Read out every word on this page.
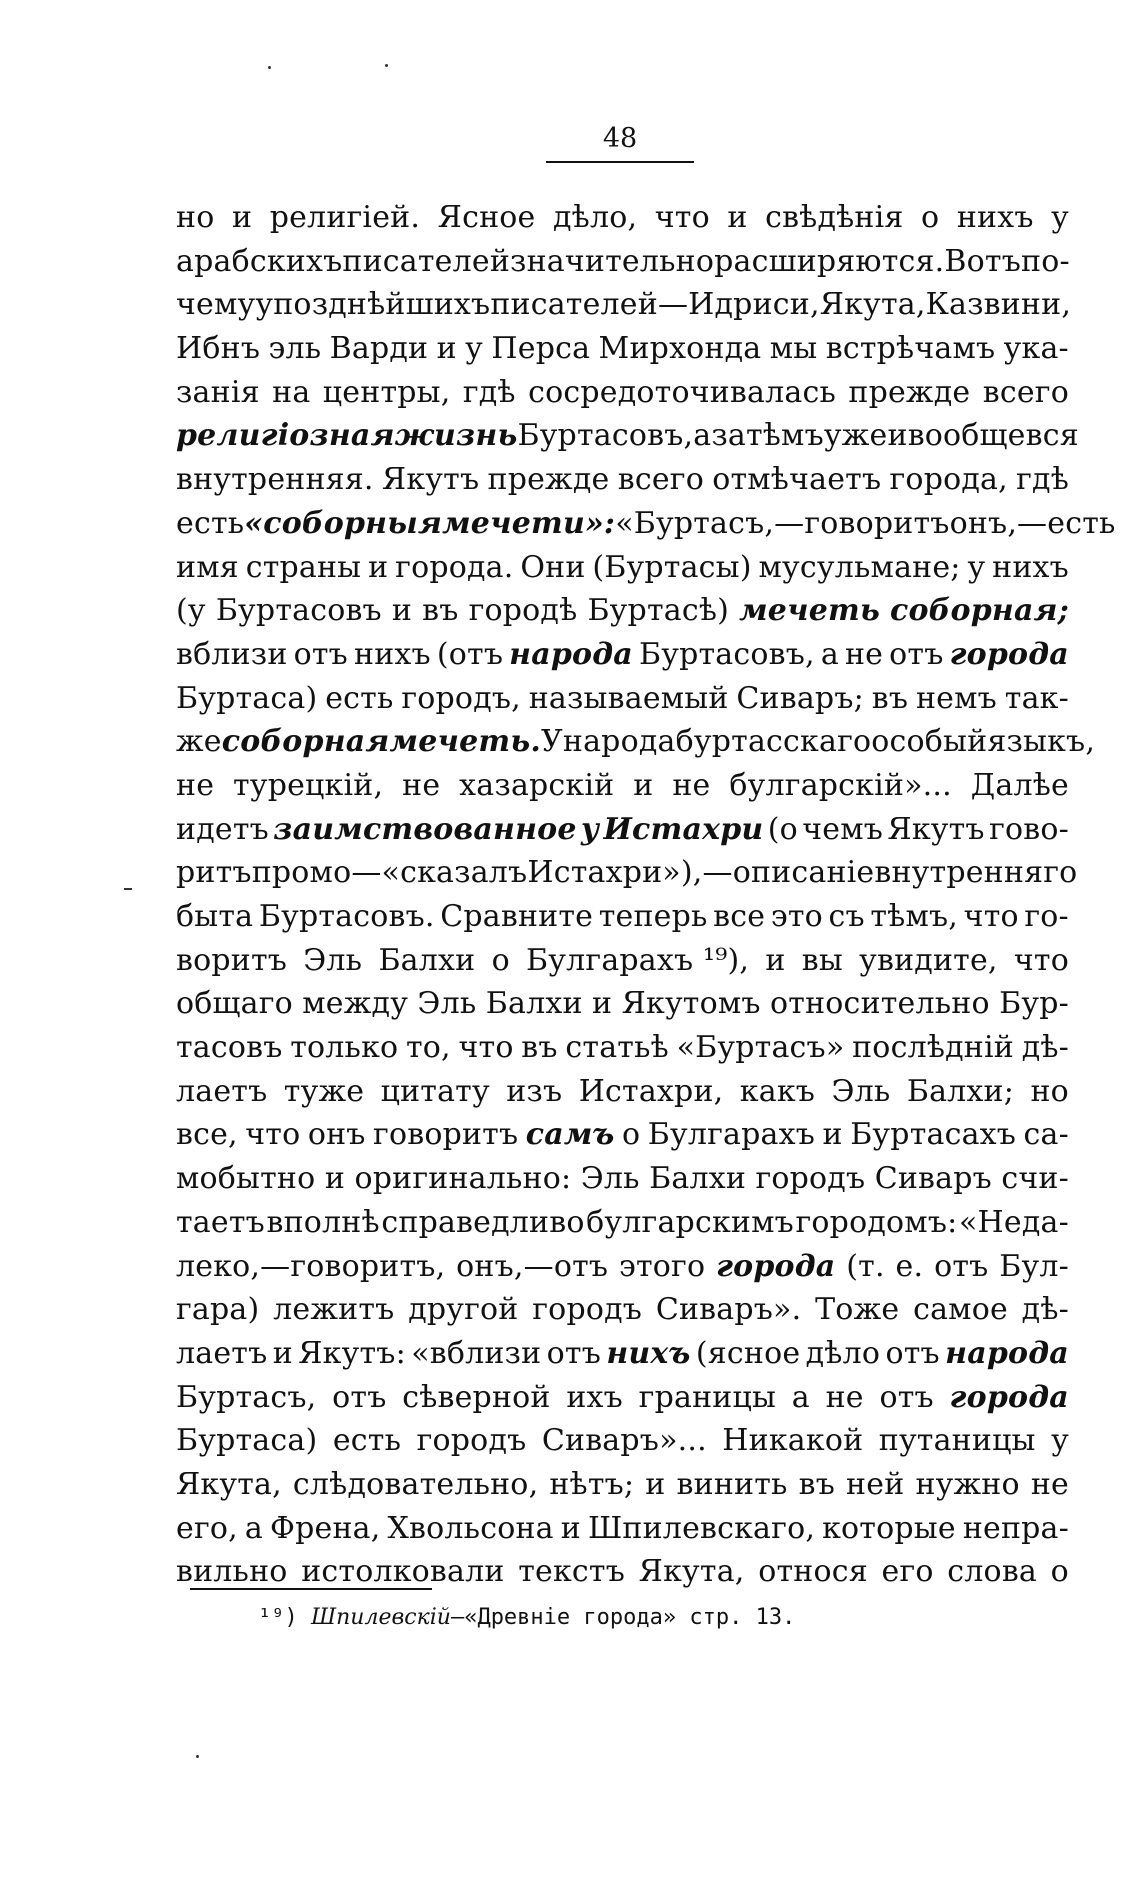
48
но и религiей. Ясное дѣло, что и свѣдѣнiя о нихъ у
арабскихъ писателей значительно расширяются. Вотъ по-
чему у позднѣйшихъ писателей—Идриси, Якута, Казвини,
Ибнъ эль Варди и у Перса Мирхонда мы встрѣчамъ ука-
занiя на центры, гдѣ сосредоточивалась прежде всего
религiозная жизнь Буртасовъ, а затѣмъ уже и вообще вся
внутренняя. Якутъ прежде всего отмѣчаетъ города, гдѣ
есть «соборныя мечети»: «Буртасъ,—говоритъ онъ,—есть
имя страны и города. Они (Буртасы) мусульмане; у нихъ
(у Буртасовъ и въ городѣ Буртасѣ) мечеть соборная;
вблизи отъ нихъ (отъ народа Буртасовъ, а не отъ города
Буртаса) есть городъ, называемый Сиваръ; въ немъ так-
же соборная мечеть. У народа буртасскаго особый языкъ,
не турецкiй, не хазарскiй и не булгарскiй»... Далѣе
идетъ заимствованное у Истахри (о чемъ Якутъ гово-
ритъ промо—«сказалъ Истахри»),—описанiе внутренняго
быта Буртасовъ. Сравните теперь все это съ тѣмъ, что го-
воритъ Эль Балхи о Булгарахъ ¹⁹), и вы увидите, что
общаго между Эль Балхи и Якутомъ относительно Бур-
тасовъ только то, что въ статьѣ «Буртасъ» послѣднiй дѣ-
лаетъ туже цитату изъ Истахри, какъ Эль Балхи; но
все, что онъ говоритъ самъ о Булгарахъ и Буртасахъ са-
мобытно и оригинально: Эль Балхи городъ Сиваръ счи-
таетъ вполнѣ справедливо булгарскимъ городомъ: «Неда-
леко,—говоритъ, онъ,—отъ этого города (т. е. отъ Бул-
гара) лежитъ другой городъ Сиваръ». Тоже самое дѣ-
лаетъ и Якутъ: «вблизи отъ нихъ (ясное дѣло отъ народа
Буртасъ, отъ сѣверной ихъ границы а не отъ города
Буртаса) есть городъ Сиваръ»... Никакой путаницы у
Якута, слѣдовательно, нѣтъ; и винить въ ней нужно не
его, а Френа, Хвольсона и Шпилевскаго, которые непра-
вильно истолковали текстъ Якута, относя его слова о
¹⁹) Шпилевскiй—«Древнiе города» стр. 13.
